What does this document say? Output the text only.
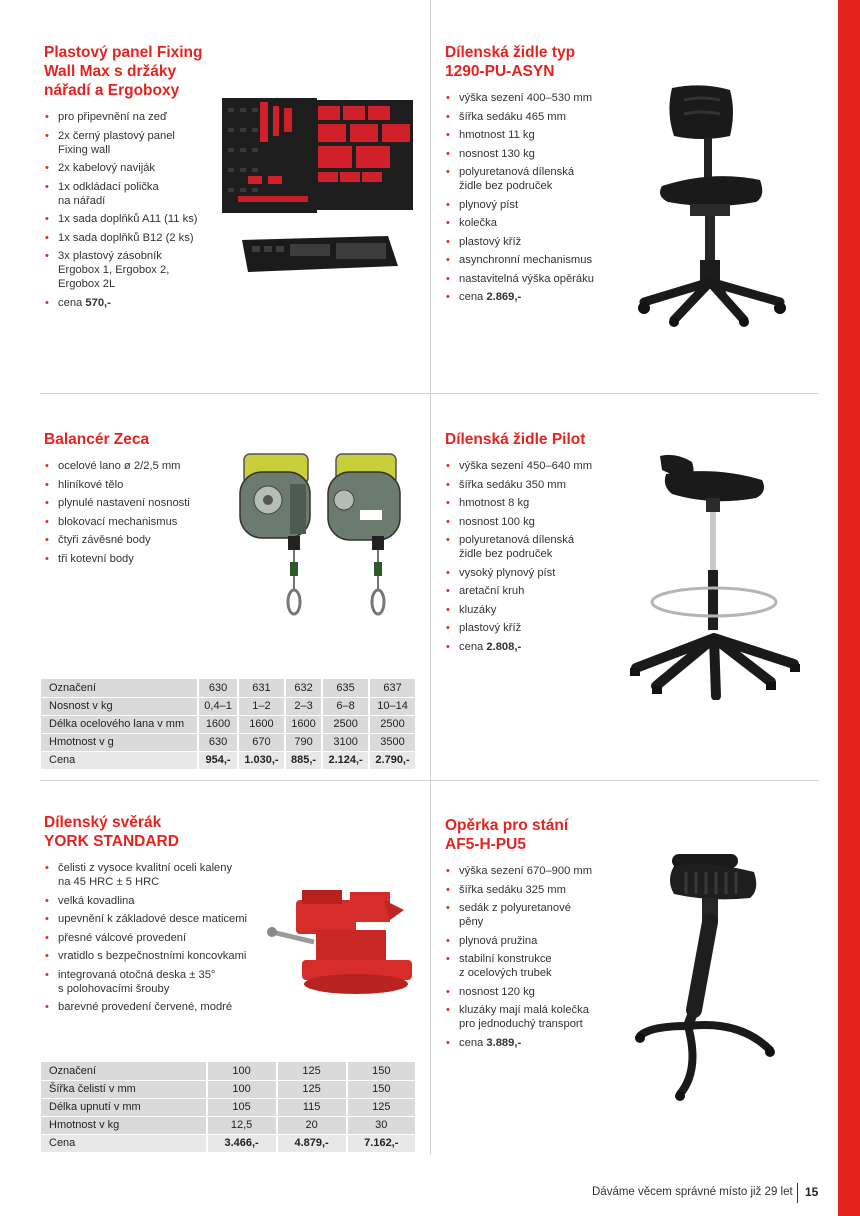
Plastový panel Fixing
Wall Max s držáky
nářadí a Ergoboxy
• pro připevnění na zeď
• 2x černý plastový panel
Fixing wall
• 2x kabelový naviják
• 1x odkládací polička
na nářadí
• 1x sada doplňků A11 (11 ks)
• 1x sada doplňků B12 (2 ks)
• 3x plastový zásobník
Ergobox 1, Ergobox 2,
Ergobox 2L
• cena 570,-
Dílenská židle typ
1290-PU-ASYN
• výška sezení 400–530 mm
• šířka sedáku 465 mm
• hmotnost 11 kg
• nosnost 130 kg
• polyuretanová dílenská
židle bez područek
• plynový píst
• kolečka
• plastový kříž
• asynchronní mechanismus
• nastavitelná výška opěráku
• cena 2.869,-
Balancér Zeca
• ocelové lano ø 2/2,5 mm
• hliníkové tělo
• plynulé nastavení nosnosti
• blokovací mechanismus
• čtyři závěsné body
• tři kotevní body
Označení	630	631	632	635	637
Nosnost v kg	0,4–1	1–2	2–3	6–8	10–14
Délka ocelového lana v mm	1600	1600	1600	2500	2500
Hmotnost v g	630	670	790	3100	3500
Cena	954,-	1.030,-	885,-	2.124,-	2.790,-
Dílenská židle Pilot
• výška sezení 450–640 mm
• šířka sedáku 350 mm
• hmotnost 8 kg
• nosnost 100 kg
• polyuretanová dílenská
židle bez područek
• vysoký plynový píst
• aretační kruh
• kluzáky
• plastový kříž
• cena 2.808,-
Dílenský svěrák
YORK STANDARD
• čelisti z vysoce kvalitní oceli kaleny
na 45 HRC ± 5 HRC
• velká kovadlina
• upevnění k základové desce maticemi
• přesné válcové provedení
• vratidlo s bezpečnostními koncovkami
• integrovaná otočná deska ± 35°
s polohovacími šrouby
• barevné provedení červené, modré
Označení	100	125	150
Šířka čelistí v mm	100	125	150
Délka upnutí v mm	105	115	125
Hmotnost v kg	12,5	20	30
Cena	3.466,-	4.879,-	7.162,-
Opěrka pro stání
AF5-H-PU5
• výška sezení 670–900 mm
• šířka sedáku 325 mm
• sedák z polyuretanové
pěny
• plynová pružina
• stabilní konstrukce
z ocelových trubek
• nosnost 120 kg
• kluzáky mají malá kolečka
pro jednoduchý transport
• cena 3.889,-
Dáváme věcem správné místo již 29 let 15
